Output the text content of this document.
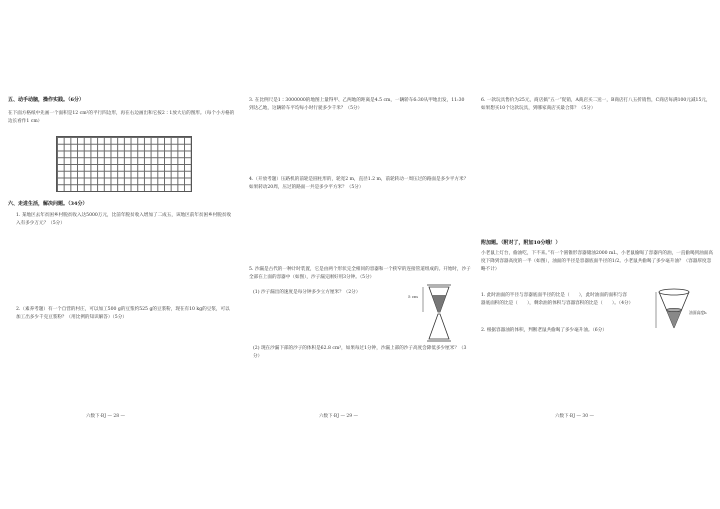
五、动手动脑，操作实践。（6分）
在下面方格纸中先画一个面积是12 cm²的平行四边形，再在右边画出和它按2∶1放大后的图形。（每个小方格的边长看作1 cm）
六、走进生活，解决问题。（34分）
1. 某地区去年贫困乡村脱贫收入达5000万元，比前年脱贫收入增加了二成五，该地区前年贫困乡村脱贫收入有多少万元？（5分）
2.（素养考题）有一个自营的村庄，可以加工500 g的豆浆约525 g的豆浆粉，现在有10 kg的豆浆，可以加工出多少千克豆浆粉？（用比例的知识解答）（5分）
六数下·BJ — 28 —
3. 在比例尺是1∶3000000的地图上量得甲、乙两地的距离是4.5 cm，一辆轿车6:30从甲地出发，11:30到达乙地，这辆轿车平均每小时行驶多少千米？（5分）
4.（开放考题）压路机的前轮是圆柱形的，轮宽2 m，直径1.2 m，前轮转动一周压过的路面是多少平方米？如果转动20周，压过的路面一共是多少平方米？（5分）
5. 沙漏是古代的一种计时装置，它是由两个形状完全相同的容器和一个狭窄的连接管道组成的。开始时，沙子全部在上面的容器中（如图），沙子漏完刚好用3分钟。（5分）
(1) 沙子漏出的速度是每分钟多少立方厘米？（2分）
5 cm
(2) 现在沙漏下部的沙子的体积是62.8 cm³，如果每过1分钟，沙漏上部的沙子高度会降低多少厘米？（3分）
六数下·BJ — 29 —
6. 一款玩具售价为25元，商店搞“五一”促销，A商店买二送一，B商店打八五折销售，C商店每满100元减15元，如果想买10个这款玩具，到哪家商店买最合算？（5分）
附加题。（附对了，附加10分哦！）
小老鼠上灯台，偷油吃，下不来。”有一个圆锥形容器储油2000 mL，小老鼠偷喝了容器内的油，一直偷喝到油面高度下降到容器高度的一半（如图），油面的半径是容器底面半径的1/2。小老鼠共偷喝了多少毫升油？（容器厚度忽略不计）
1. 此时油面的半径与容器底面半径的比是（　　），此时油面的面积与容器底面积的比是（　　），剩余油的体积与容器容积的比是（　　）。（4分）
油面高度h
2. 根据容器油的体积，判断老鼠共偷喝了多少毫升油。（6分）
六数下·BJ — 30 —
